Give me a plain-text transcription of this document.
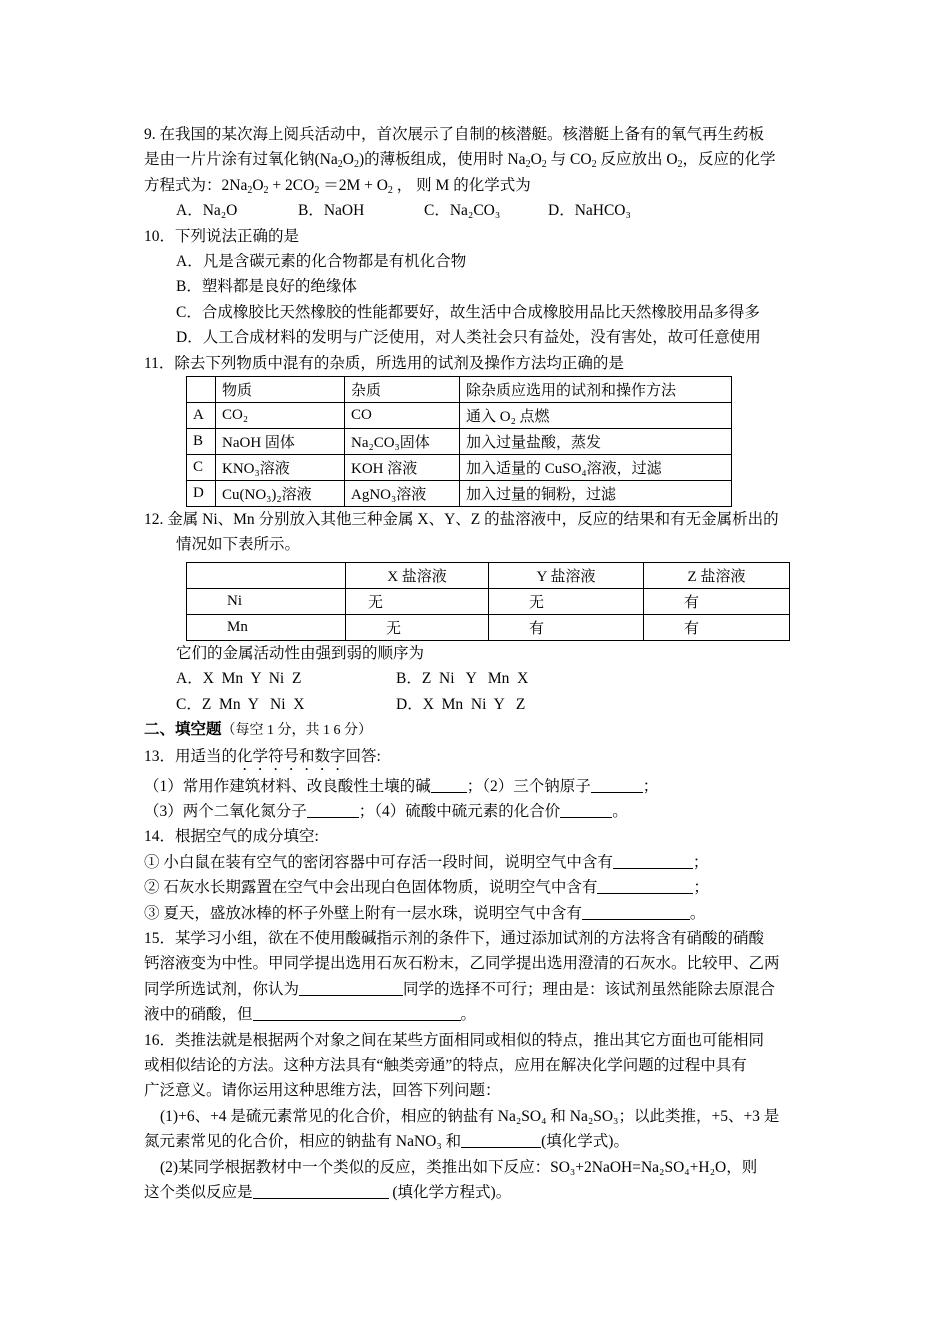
9. 在我国的某次海上阅兵活动中，首次展示了自制的核潜艇。核潜艇上备有的氧气再生药板
是由一片片涂有过氧化钠$(Na_2O_2)$的薄板组成，使用时 $Na_2O_2$ 与 $CO_2$ 反应放出 $O_2$，反应的化学
方程式为：$2Na_2O_2 + 2CO_2 =2M + O_2$ ， 则 M 的化学式为
A．Na₂O	B．NaOH	C．Na₂CO₃	D．NaHCO₃
10．下列说法正确的是
A．凡是含碳元素的化合物都是有机化合物
B．塑料都是良好的绝缘体
C．合成橡胶比天然橡胶的性能都要好，故生活中合成橡胶用品比天然橡胶用品多得多
D．人工合成材料的发明与广泛使用，对人类社会只有益处，没有害处，故可任意使用
11．除去下列物质中混有的杂质，所选用的试剂及操作方法均正确的是
	物质	杂质	除杂质应选用的试剂和操作方法
A	CO₂	CO	通入 O₂ 点燃
B	NaOH 固体	Na₂CO₃固体	加入过量盐酸，蒸发
C	KNO₃溶液	KOH 溶液	加入适量的 CuSO₄溶液，过滤
D	Cu(NO₃)₂溶液	AgNO₃溶液	加入过量的铜粉，过滤
12. 金属 Ni、Mn 分别放入其他三种金属 X、Y、Z 的盐溶液中，反应的结果和有无金属析出的
情况如下表所示。
	X 盐溶液	Y 盐溶液	Z 盐溶液
Ni	无	无	有
Mn	无	有	有
它们的金属活动性由强到弱的顺序为
A．X  Mn  Y  Ni  Z	B．Z  Ni   Y   Mn  X
C．Z  Mn  Y   Ni  X	D．X  Mn  Ni  Y   Z
二、填空题（每空 1 分，共 1 6 分）
13．用适当的化学符号和数字回答:
（1）常用作建筑材料、改良酸性土壤的碱 ；（2）三个钠原子	；
（3）两个二氧化氮分子	；（4）硫酸中硫元素的化合价	。
14．根据空气的成分填空:
① 小白鼠在装有空气的密闭容器中可存活一段时间，说明空气中含有	；
② 石灰水长期露置在空气中会出现白色固体物质，说明空气中含有	；
③ 夏天，盛放冰棒的杯子外壁上附有一层水珠，说明空气中含有	。
15．某学习小组，欲在不使用酸碱指示剂的条件下，通过添加试剂的方法将含有硝酸的硝酸
钙溶液变为中性。甲同学提出选用石灰石粉末，乙同学提出选用澄清的石灰水。比较甲、乙两
同学所选试剂，你认为	同学的选择不可行；理由是：该试剂虽然能除去原混合
液中的硝酸，但	。
16．类推法就是根据两个对象之间在某些方面相同或相似的特点，推出其它方面也可能相同
或相似结论的方法。这种方法具有“触类旁通”的特点，应用在解决化学问题的过程中具有
广泛意义。请你运用这种思维方法，回答下列问题：
(1)+6、+4 是硫元素常见的化合价，相应的钠盐有 Na₂SO₄ 和 Na₂SO₃；以此类推，+5、+3 是
氮元素常见的化合价，相应的钠盐有 NaNO₃ 和	(填化学式)。
(2)某同学根据教材中一个类似的反应，类推出如下反应：SO₃+2NaOH=Na₂SO₄+H₂O，则
这个类似反应是	(填化学方程式)。
